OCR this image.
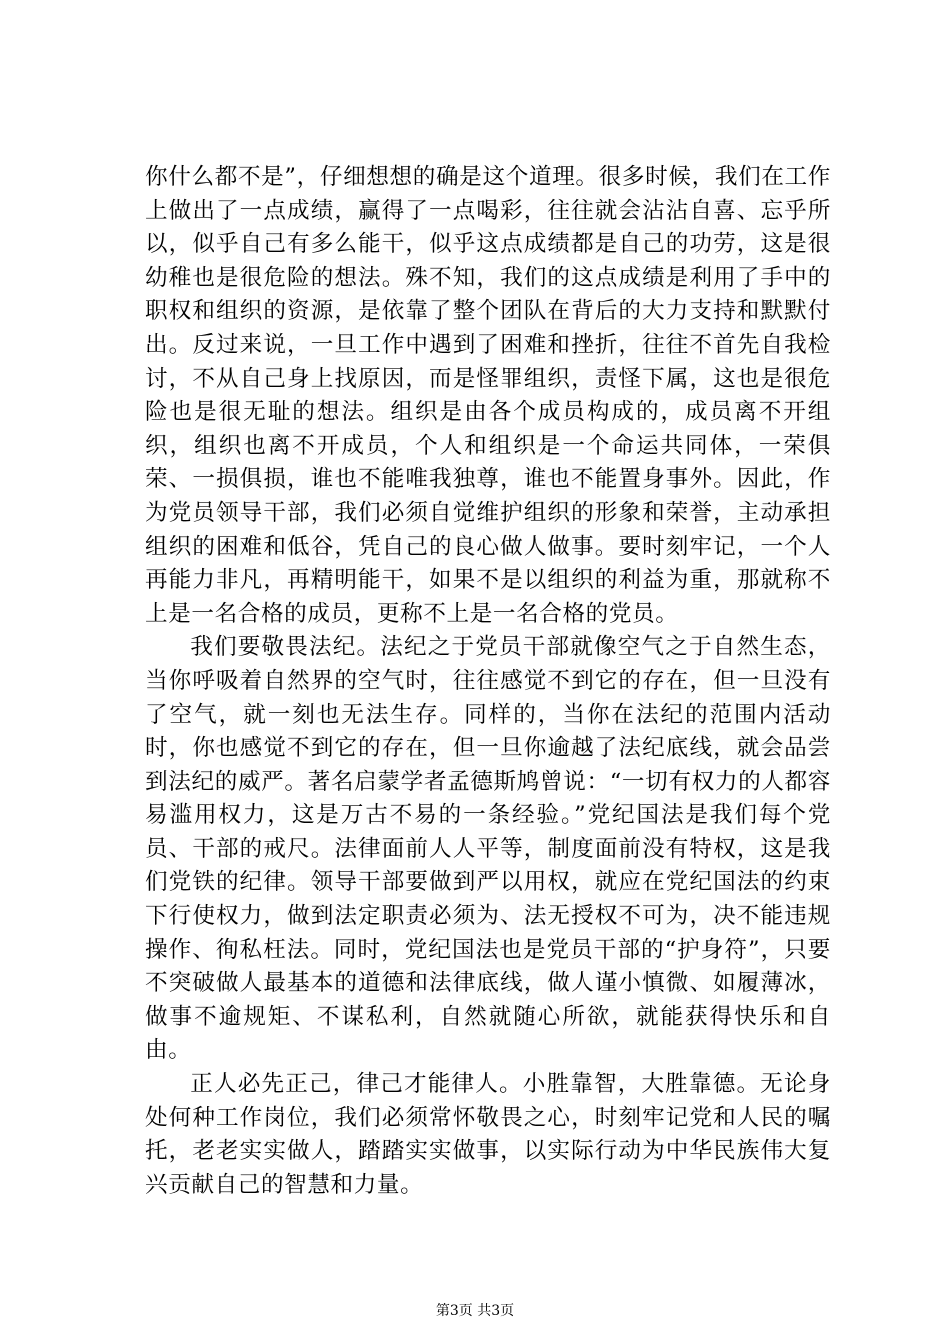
你什么都不是”，仔细想想的确是这个道理。很多时候，我们在工作上做出了一点成绩，赢得了一点喝彩，往往就会沾沾自喜、忘乎所以，似乎自己有多么能干，似乎这点成绩都是自己的功劳，这是很幼稚也是很危险的想法。殊不知，我们的这点成绩是利用了手中的职权和组织的资源，是依靠了整个团队在背后的大力支持和默默付出。反过来说，一旦工作中遇到了困难和挫折，往往不首先自我检讨，不从自己身上找原因，而是怪罪组织，责怪下属，这也是很危险也是很无耻的想法。组织是由各个成员构成的，成员离不开组织，组织也离不开成员，个人和组织是一个命运共同体，一荣俱荣、一损俱损，谁也不能唯我独尊，谁也不能置身事外。因此，作为党员领导干部，我们必须自觉维护组织的形象和荣誉，主动承担组织的困难和低谷，凭自己的良心做人做事。要时刻牢记，一个人再能力非凡，再精明能干，如果不是以组织的利益为重，那就称不上是一名合格的成员，更称不上是一名合格的党员。

我们要敬畏法纪。法纪之于党员干部就像空气之于自然生态，当你呼吸着自然界的空气时，往往感觉不到它的存在，但一旦没有了空气，就一刻也无法生存。同样的，当你在法纪的范围内活动时，你也感觉不到它的存在，但一旦你逾越了法纪底线，就会品尝到法纪的威严。著名启蒙学者孟德斯鸠曾说：“一切有权力的人都容易滥用权力，这是万古不易的一条经验。”党纪国法是我们每个党员、干部的戒尺。法律面前人人平等，制度面前没有特权，这是我们党铁的纪律。领导干部要做到严以用权，就应在党纪国法的约束下行使权力，做到法定职责必须为、法无授权不可为，决不能违规操作、徇私枉法。同时，党纪国法也是党员干部的“护身符”，只要不突破做人最基本的道德和法律底线，做人谨小慎微、如履薄冰，做事不逾规矩、不谋私利，自然就随心所欲，就能获得快乐和自由。

正人必先正己，律己才能律人。小胜靠智，大胜靠德。无论身处何种工作岗位，我们必须常怀敬畏之心，时刻牢记党和人民的嘱托，老老实实做人，踏踏实实做事，以实际行动为中华民族伟大复兴贡献自己的智慧和力量。

第3页 共3页
